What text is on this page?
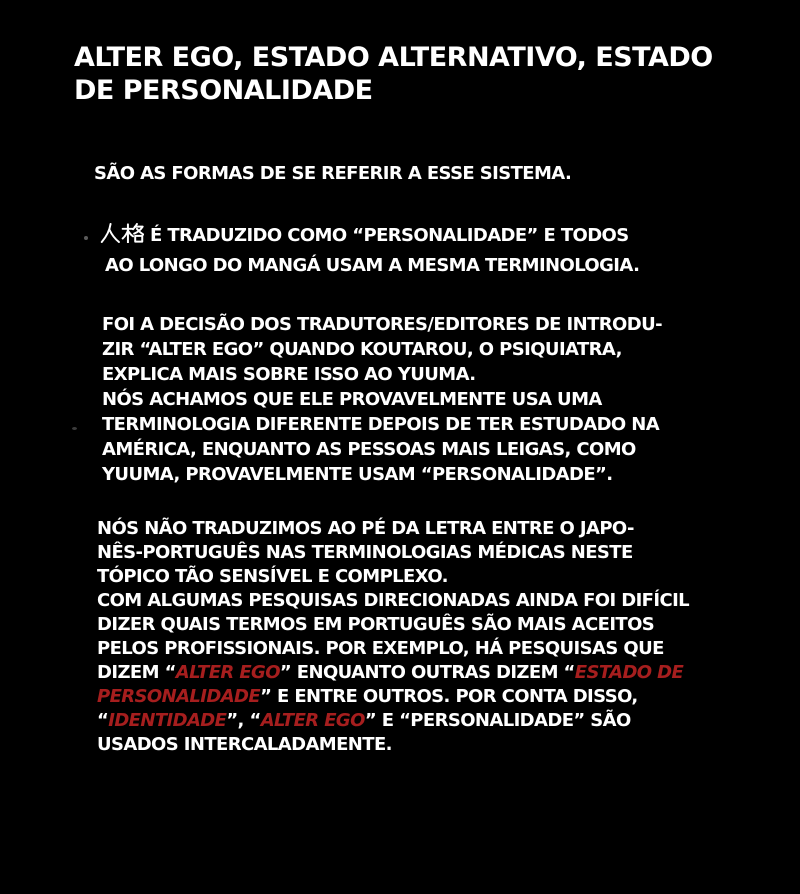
ALTER EGO, ESTADO ALTERNATIVO, ESTADO
DE PERSONALIDADE
SÃO AS FORMAS DE SE REFERIR A ESSE SISTEMA.
É TRADUZIDO COMO “PERSONALIDADE” E TODOS
AO LONGO DO MANGÁ USAM A MESMA TERMINOLOGIA.
FOI A DECISÃO DOS TRADUTORES/EDITORES DE INTRODU-
ZIR “ALTER EGO” QUANDO KOUTAROU, O PSIQUIATRA,
EXPLICA MAIS SOBRE ISSO AO YUUMA.
NÓS ACHAMOS QUE ELE PROVAVELMENTE USA UMA
TERMINOLOGIA DIFERENTE DEPOIS DE TER ESTUDADO NA
AMÉRICA, ENQUANTO AS PESSOAS MAIS LEIGAS, COMO
YUUMA, PROVAVELMENTE USAM “PERSONALIDADE”.
NÓS NÃO TRADUZIMOS AO PÉ DA LETRA ENTRE O JAPO-
NÊS-PORTUGUÊS NAS TERMINOLOGIAS MÉDICAS NESTE
TÓPICO TÃO SENSÍVEL E COMPLEXO.
COM ALGUMAS PESQUISAS DIRECIONADAS AINDA FOI DIFÍCIL
DIZER QUAIS TERMOS EM PORTUGUÊS SÃO MAIS ACEITOS
PELOS PROFISSIONAIS. POR EXEMPLO, HÁ PESQUISAS QUE
DIZEM “ALTER EGO” ENQUANTO OUTRAS DIZEM “ESTADO DE
PERSONALIDADE” E ENTRE OUTROS. POR CONTA DISSO,
“IDENTIDADE”, “ALTER EGO” E “PERSONALIDADE” SÃO
USADOS INTERCALADAMENTE.
